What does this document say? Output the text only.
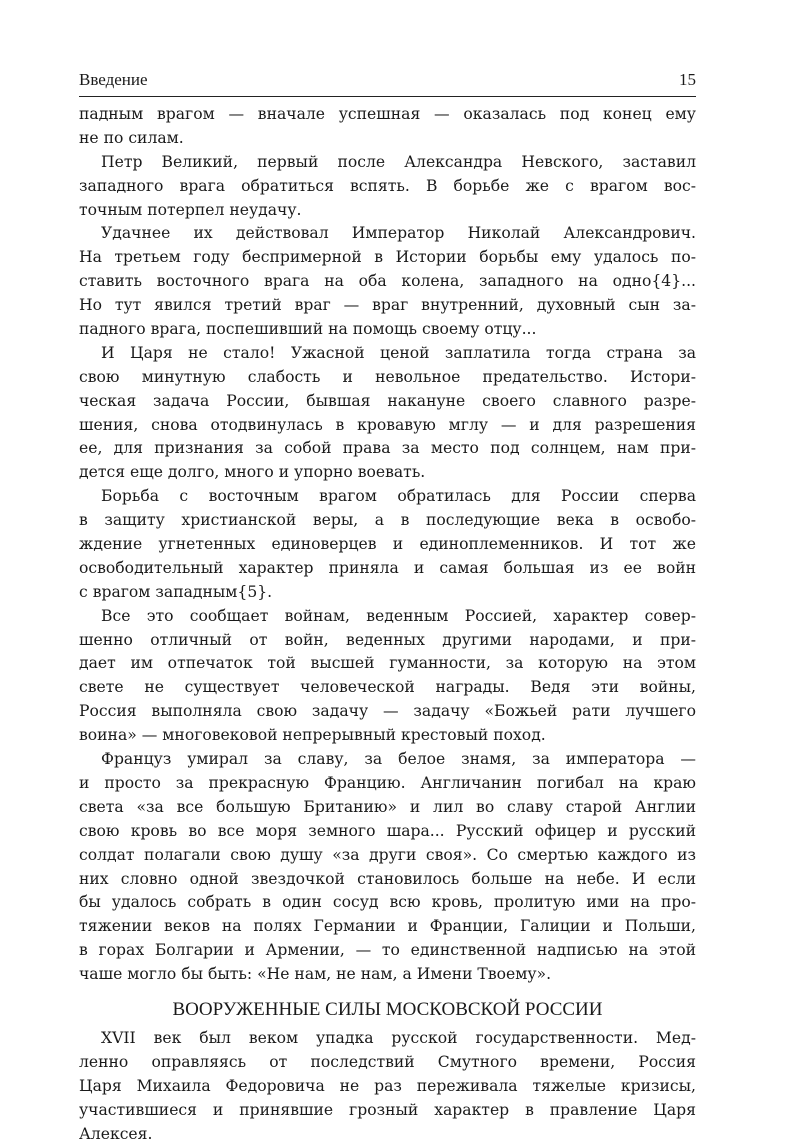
Введение	15
падным врагом — вначале успешная — оказалась под конец ему
не по силам.
Петр Великий, первый после Александра Невского, заставил
западного врага обратиться вспять. В борьбе же с врагом вос-
точным потерпел неудачу.
Удачнее их действовал Император Николай Александрович.
На третьем году беспримерной в Истории борьбы ему удалось по-
ставить восточного врага на оба колена, западного на одно{4}...
Но тут явился третий враг — враг внутренний, духовный сын за-
падного врага, поспешивший на помощь своему отцу...
И Царя не стало! Ужасной ценой заплатила тогда страна за
свою минутную слабость и невольное предательство. Истори-
ческая задача России, бывшая накануне своего славного разре-
шения, снова отодвинулась в кровавую мглу — и для разрешения
ее, для признания за собой права за место под солнцем, нам при-
дется еще долго, много и упорно воевать.
Борьба с восточным врагом обратилась для России сперва
в защиту христианской веры, а в последующие века в освобо-
ждение угнетенных единоверцев и единоплеменников. И тот же
освободительный характер приняла и самая большая из ее войн
с врагом западным{5}.
Все это сообщает войнам, веденным Россией, характер совер-
шенно отличный от войн, веденных другими народами, и при-
дает им отпечаток той высшей гуманности, за которую на этом
свете не существует человеческой награды. Ведя эти войны,
Россия выполняла свою задачу — задачу «Божьей рати лучшего
воина» — многовековой непрерывный крестовый поход.
Француз умирал за славу, за белое знамя, за императора —
и просто за прекрасную Францию. Англичанин погибал на краю
света «за все большую Британию» и лил во славу старой Англии
свою кровь во все моря земного шара... Русский офицер и русский
солдат полагали свою душу «за други своя». Со смертью каждого из
них словно одной звездочкой становилось больше на небе. И если
бы удалось собрать в один сосуд всю кровь, пролитую ими на про-
тяжении веков на полях Германии и Франции, Галиции и Польши,
в горах Болгарии и Армении, — то единственной надписью на этой
чаше могло бы быть: «Не нам, не нам, а Имени Твоему».
ВООРУЖЕННЫЕ СИЛЫ МОСКОВСКОЙ РОССИИ
XVII век был веком упадка русской государственности. Мед-
ленно оправляясь от последствий Смутного времени, Россия
Царя Михаила Федоровича не раз переживала тяжелые кризисы,
участившиеся и принявшие грозный характер в правление Царя
Алексея.
